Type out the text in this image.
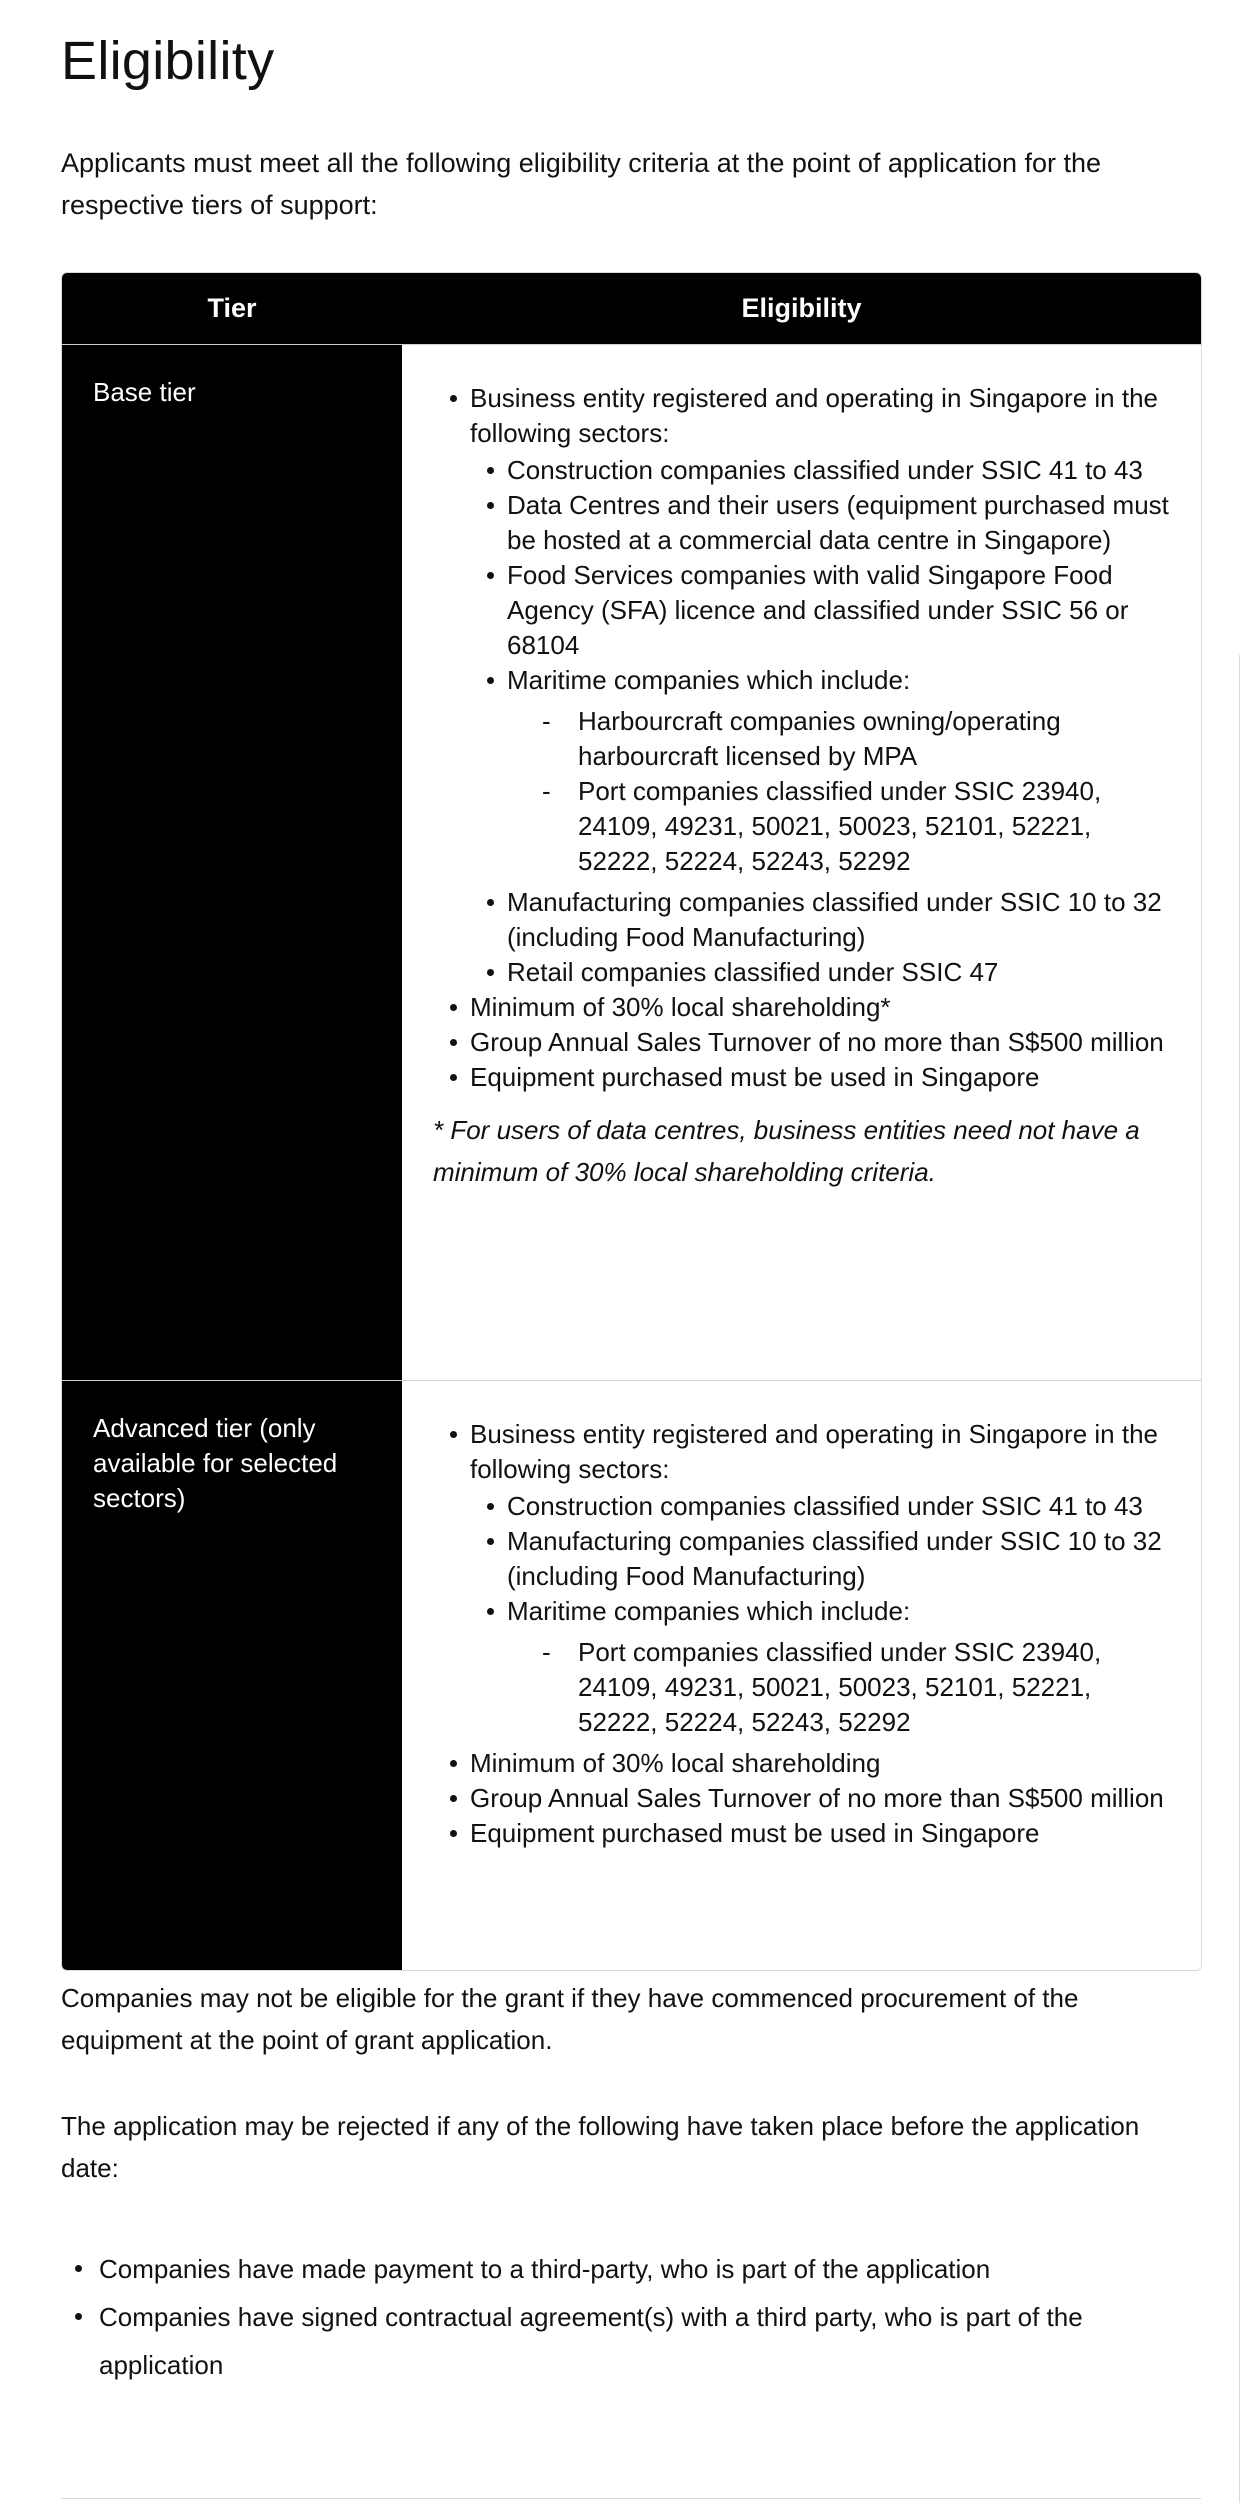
Eligibility

Applicants must meet all the following eligibility criteria at the point of application for the respective tiers of support:

Tier	Eligibility
Base tier	Business entity registered and operating in Singapore in the following sectors:
Construction companies classified under SSIC 41 to 43
Data Centres and their users (equipment purchased must be hosted at a commercial data centre in Singapore)
Food Services companies with valid Singapore Food Agency (SFA) licence and classified under SSIC 56 or 68104
Maritime companies which include:
- Harbourcraft companies owning/operating harbourcraft licensed by MPA
- Port companies classified under SSIC 23940, 24109, 49231, 50021, 50023, 52101, 52221, 52222, 52224, 52243, 52292
Manufacturing companies classified under SSIC 10 to 32 (including Food Manufacturing)
Retail companies classified under SSIC 47
Minimum of 30% local shareholding*
Group Annual Sales Turnover of no more than S$500 million
Equipment purchased must be used in Singapore
* For users of data centres, business entities need not have a minimum of 30% local shareholding criteria.
Advanced tier (only available for selected sectors)
Business entity registered and operating in Singapore in the following sectors:
Construction companies classified under SSIC 41 to 43
Manufacturing companies classified under SSIC 10 to 32 (including Food Manufacturing)
Maritime companies which include:
- Port companies classified under SSIC 23940, 24109, 49231, 50021, 50023, 52101, 52221, 52222, 52224, 52243, 52292
Minimum of 30% local shareholding
Group Annual Sales Turnover of no more than S$500 million
Equipment purchased must be used in Singapore

Companies may not be eligible for the grant if they have commenced procurement of the equipment at the point of grant application.

The application may be rejected if any of the following have taken place before the application date:

Companies have made payment to a third-party, who is part of the application
Companies have signed contractual agreement(s) with a third party, who is part of the application
